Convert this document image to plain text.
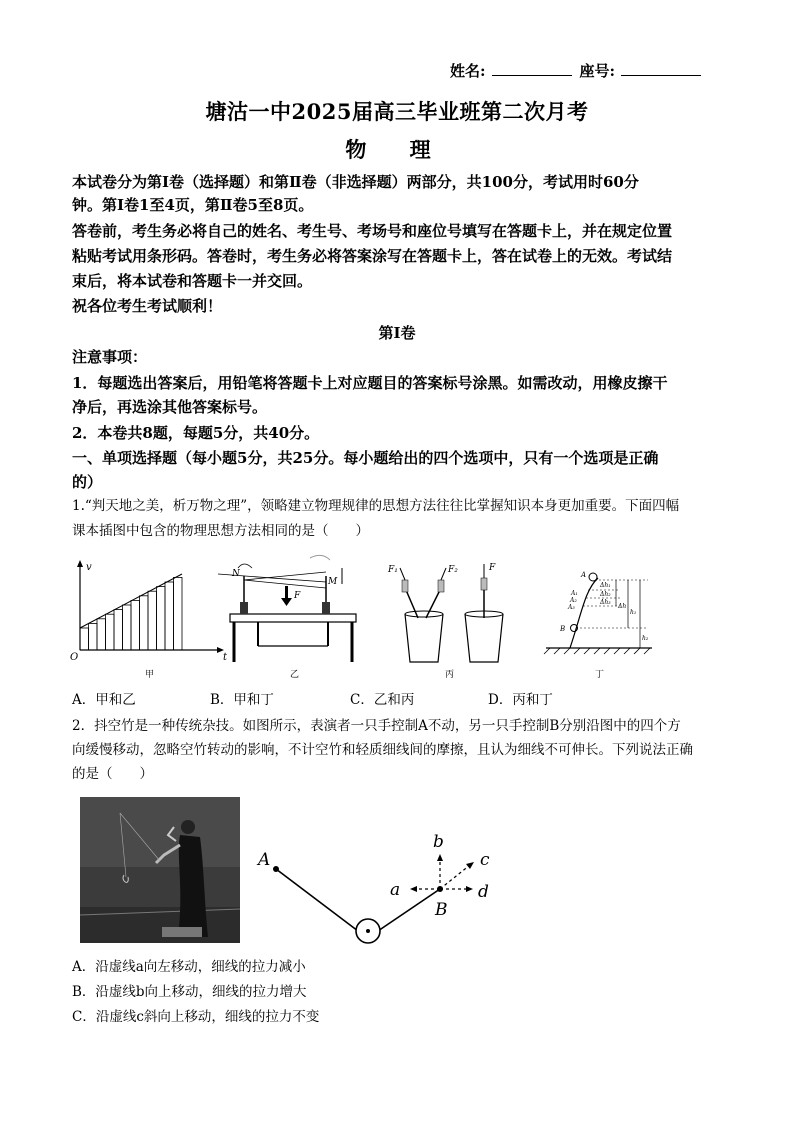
姓名:	座号:
塘沽一中2025届高三毕业班第二次月考
物 理
本试卷分为第Ⅰ卷（选择题）和第Ⅱ卷（非选择题）两部分，共100分，考试用时60分
钟。第Ⅰ卷1至4页，第Ⅱ卷5至8页。
答卷前，考生务必将自己的姓名、考生号、考场号和座位号填写在答题卡上，并在规定位置
粘贴考试用条形码。答卷时，考生务必将答案涂写在答题卡上，答在试卷上的无效。考试结
束后，将本试卷和答题卡一并交回。
祝各位考生考试顺利！
第Ⅰ卷
注意事项：
1．每题选出答案后，用铅笔将答题卡上对应题目的答案标号涂黑。如需改动，用橡皮擦干
净后，再选涂其他答案标号。
2．本卷共8题，每题5分，共40分。
一、单项选择题（每小题5分，共25分。每小题给出的四个选项中，只有一个选项是正确
的）
1.“判天地之美，析万物之理”，领略建立物理规律的思想方法往往比掌握知识本身更加重要。下面四幅
课本插图中包含的物理思想方法相同的是（　　）
v
t
O
甲
F
N
M
乙
F₁	F₂	F
丙
A
A₁
A₂
A₃
Δh₁
Δh₂
Δh₃
Δh
h₁
h₂
B
丁
A．甲和乙	B．甲和丁	C．乙和丙	D．丙和丁
2．抖空竹是一种传统杂技。如图所示，表演者一只手控制A不动，另一只手控制B分别沿图中的四个方
向缓慢移动，忽略空竹转动的影响，不计空竹和轻质细线间的摩擦，且认为细线不可伸长。下列说法正确
的是（　　）
A
B
a
b
c
d
A．沿虚线a向左移动，细线的拉力减小
B．沿虚线b向上移动，细线的拉力增大
C．沿虚线c斜向上移动，细线的拉力不变
